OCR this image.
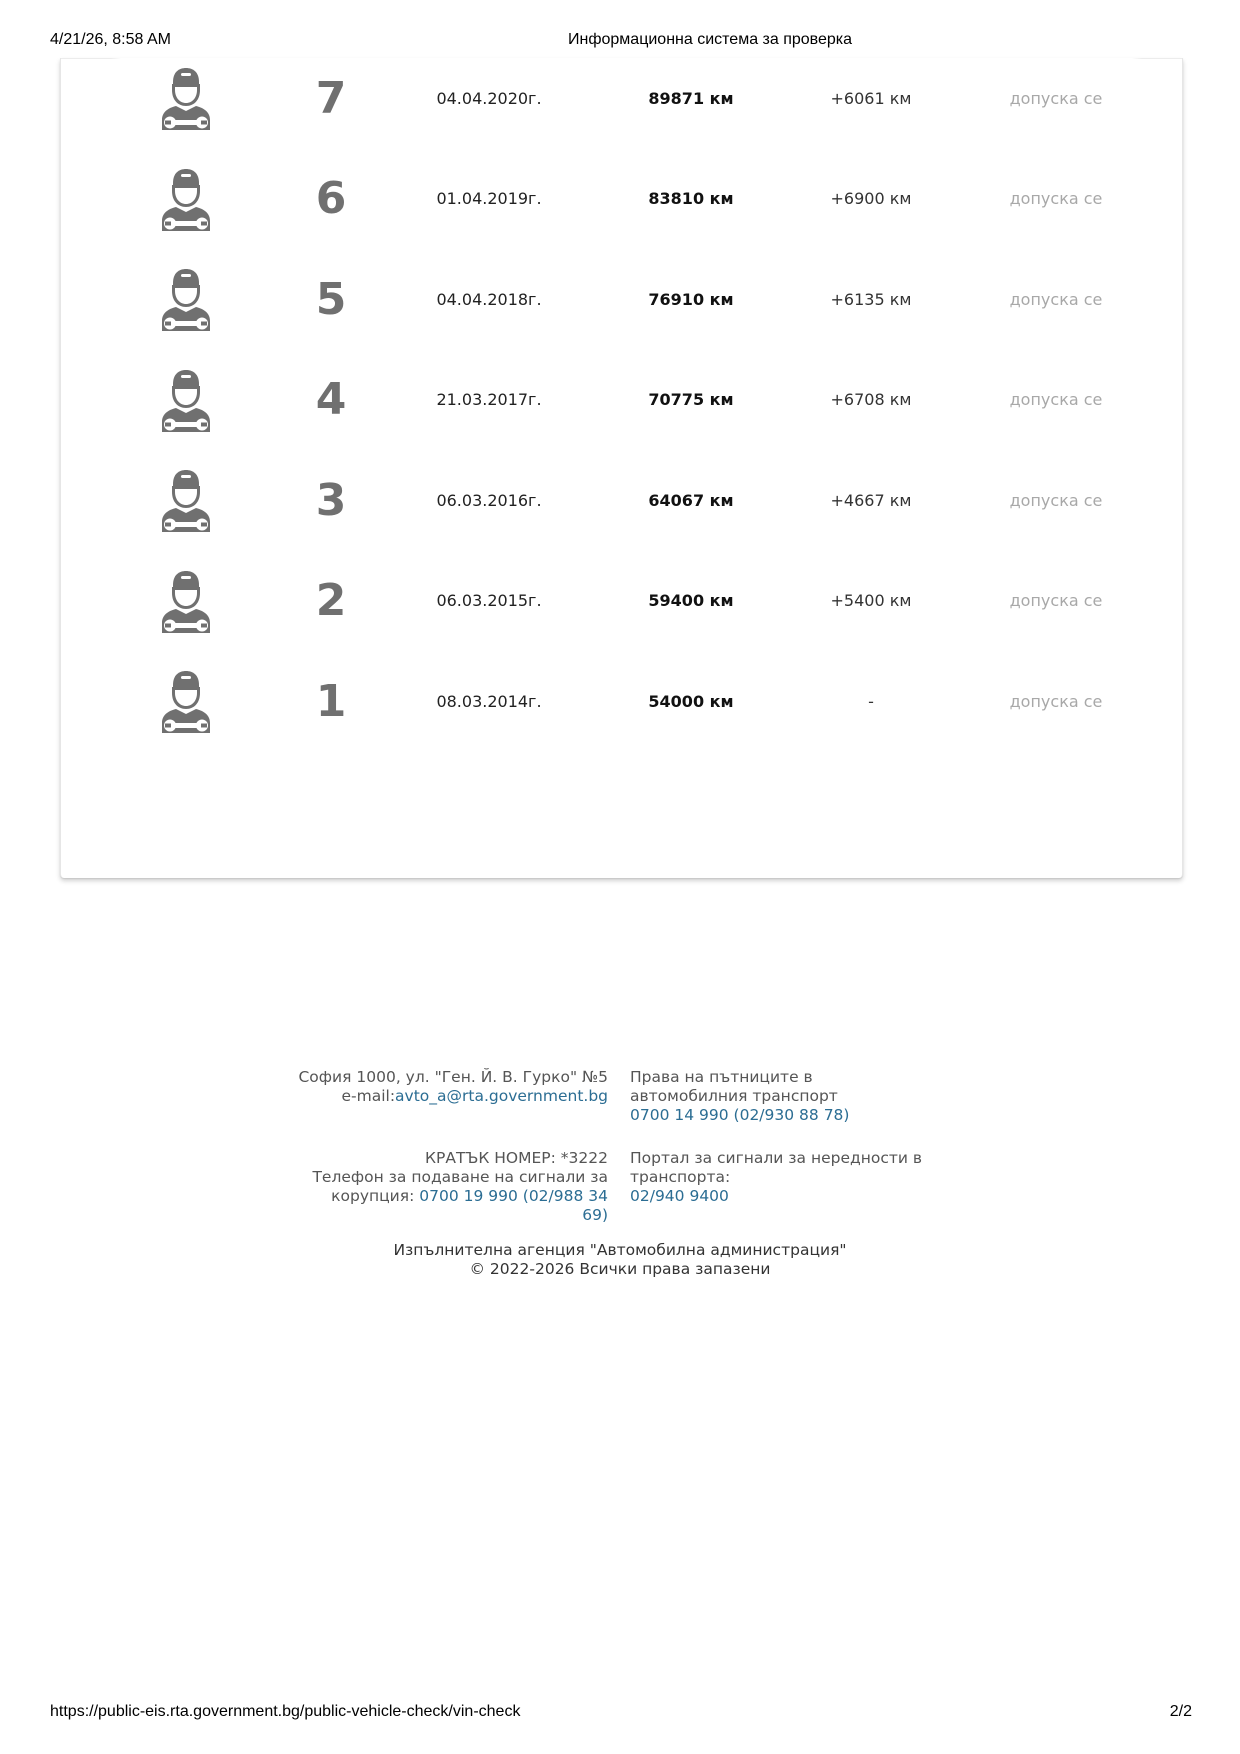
4/21/26, 8:58 AM	Информационна система за проверка
7	04.04.2020г.	89871 км	+6061 км	допуска се
6	01.04.2019г.	83810 км	+6900 км	допуска се
5	04.04.2018г.	76910 км	+6135 км	допуска се
4	21.03.2017г.	70775 км	+6708 км	допуска се
3	06.03.2016г.	64067 км	+4667 км	допуска се
2	06.03.2015г.	59400 км	+5400 км	допуска се
1	08.03.2014г.	54000 км	-	допуска се
София 1000, ул. "Ген. Й. В. Гурко" №5
e-mail:avto_a@rta.government.bg
Права на пътниците в автомобилния транспорт
0700 14 990 (02/930 88 78)
КРАТЪК НОМЕР: *3222
Телефон за подаване на сигнали за корупция: 0700 19 990 (02/988 34 69)
Портал за сигнали за нередности в транспорта:
02/940 9400
Изпълнителна агенция "Автомобилна администрация"
© 2022-2026 Всички права запазени
https://public-eis.rta.government.bg/public-vehicle-check/vin-check	2/2
